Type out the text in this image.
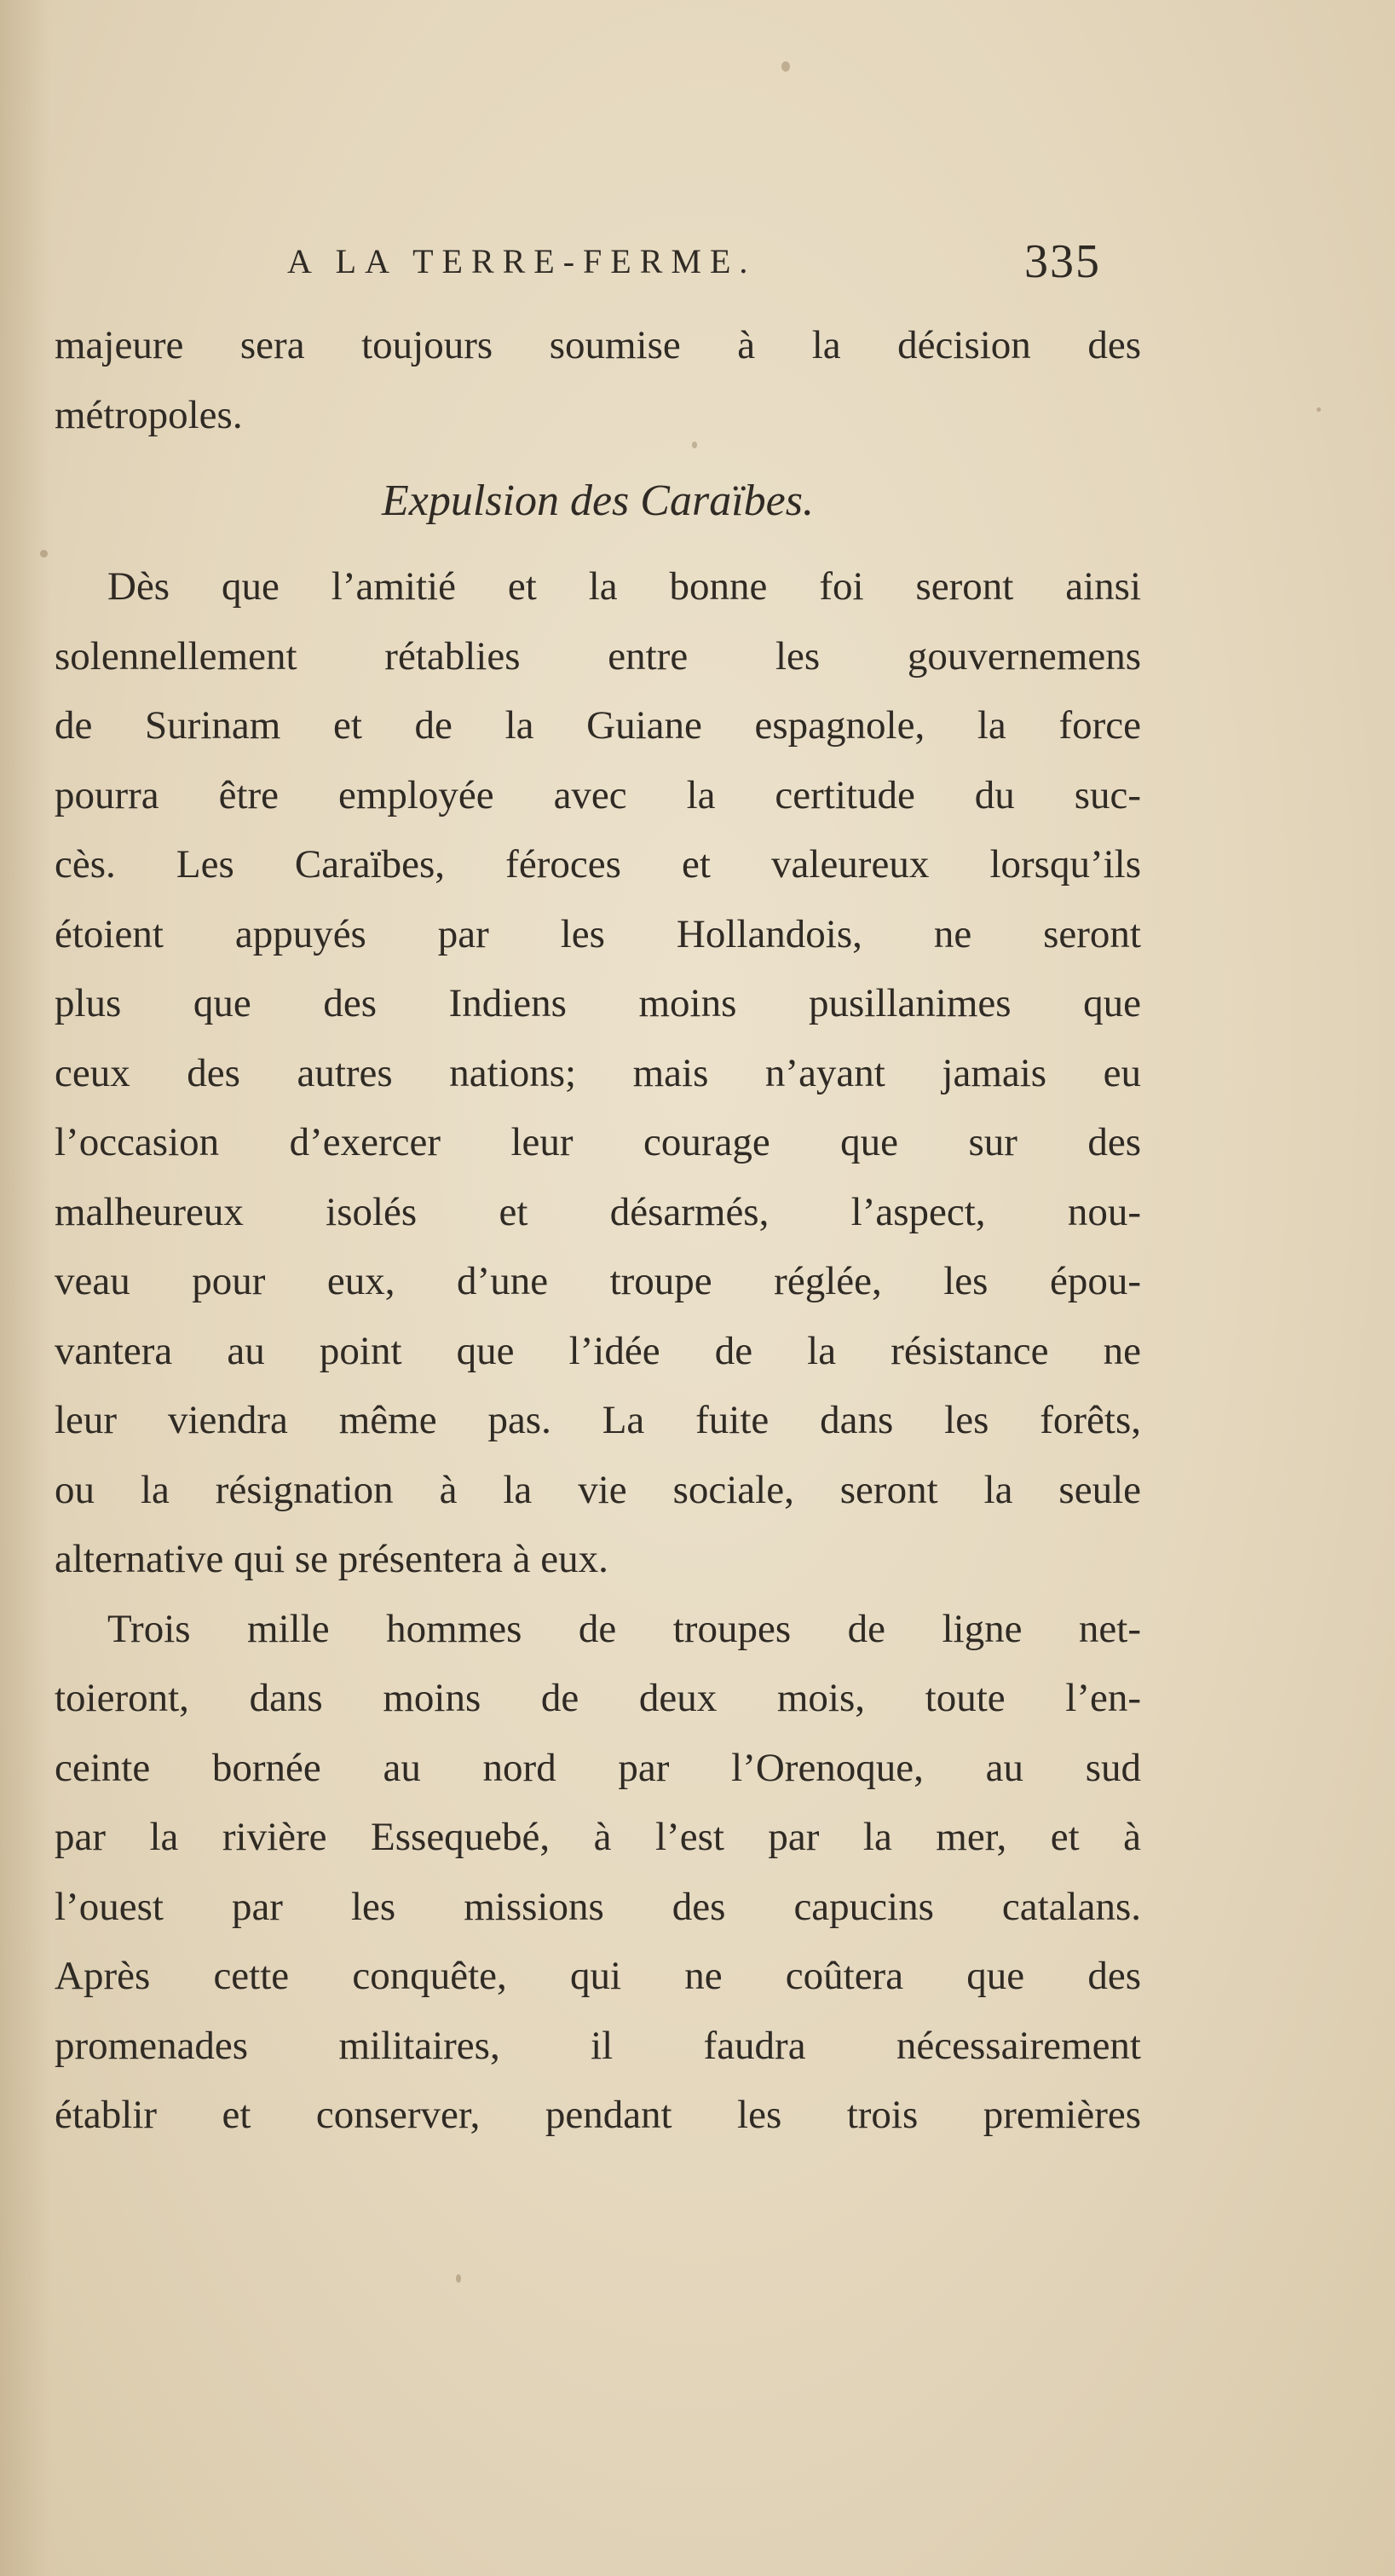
A LA TERRE-FERME.	335
majeure sera toujours soumise à la décision des
métropoles.
Expulsion des Caraïbes.
Dès que l’amitié et la bonne foi seront ainsi
solennellement rétablies entre les gouvernemens
de Surinam et de la Guiane espagnole, la force
pourra être employée avec la certitude du suc-
cès. Les Caraïbes, féroces et valeureux lorsqu’ils
étoient appuyés par les Hollandois, ne seront
plus que des Indiens moins pusillanimes que
ceux des autres nations; mais n’ayant jamais eu
l’occasion d’exercer leur courage que sur des
malheureux isolés et désarmés, l’aspect, nou-
veau pour eux, d’une troupe réglée, les épou-
vantera au point que l’idée de la résistance ne
leur viendra même pas. La fuite dans les forêts,
ou la résignation à la vie sociale, seront la seule
alternative qui se présentera à eux.
Trois mille hommes de troupes de ligne net-
toieront, dans moins de deux mois, toute l’en-
ceinte bornée au nord par l’Orenoque, au sud
par la rivière Essequebé, à l’est par la mer, et à
l’ouest par les missions des capucins catalans.
Après cette conquête, qui ne coûtera que des
promenades militaires, il faudra nécessairement
établir et conserver, pendant les trois premières
